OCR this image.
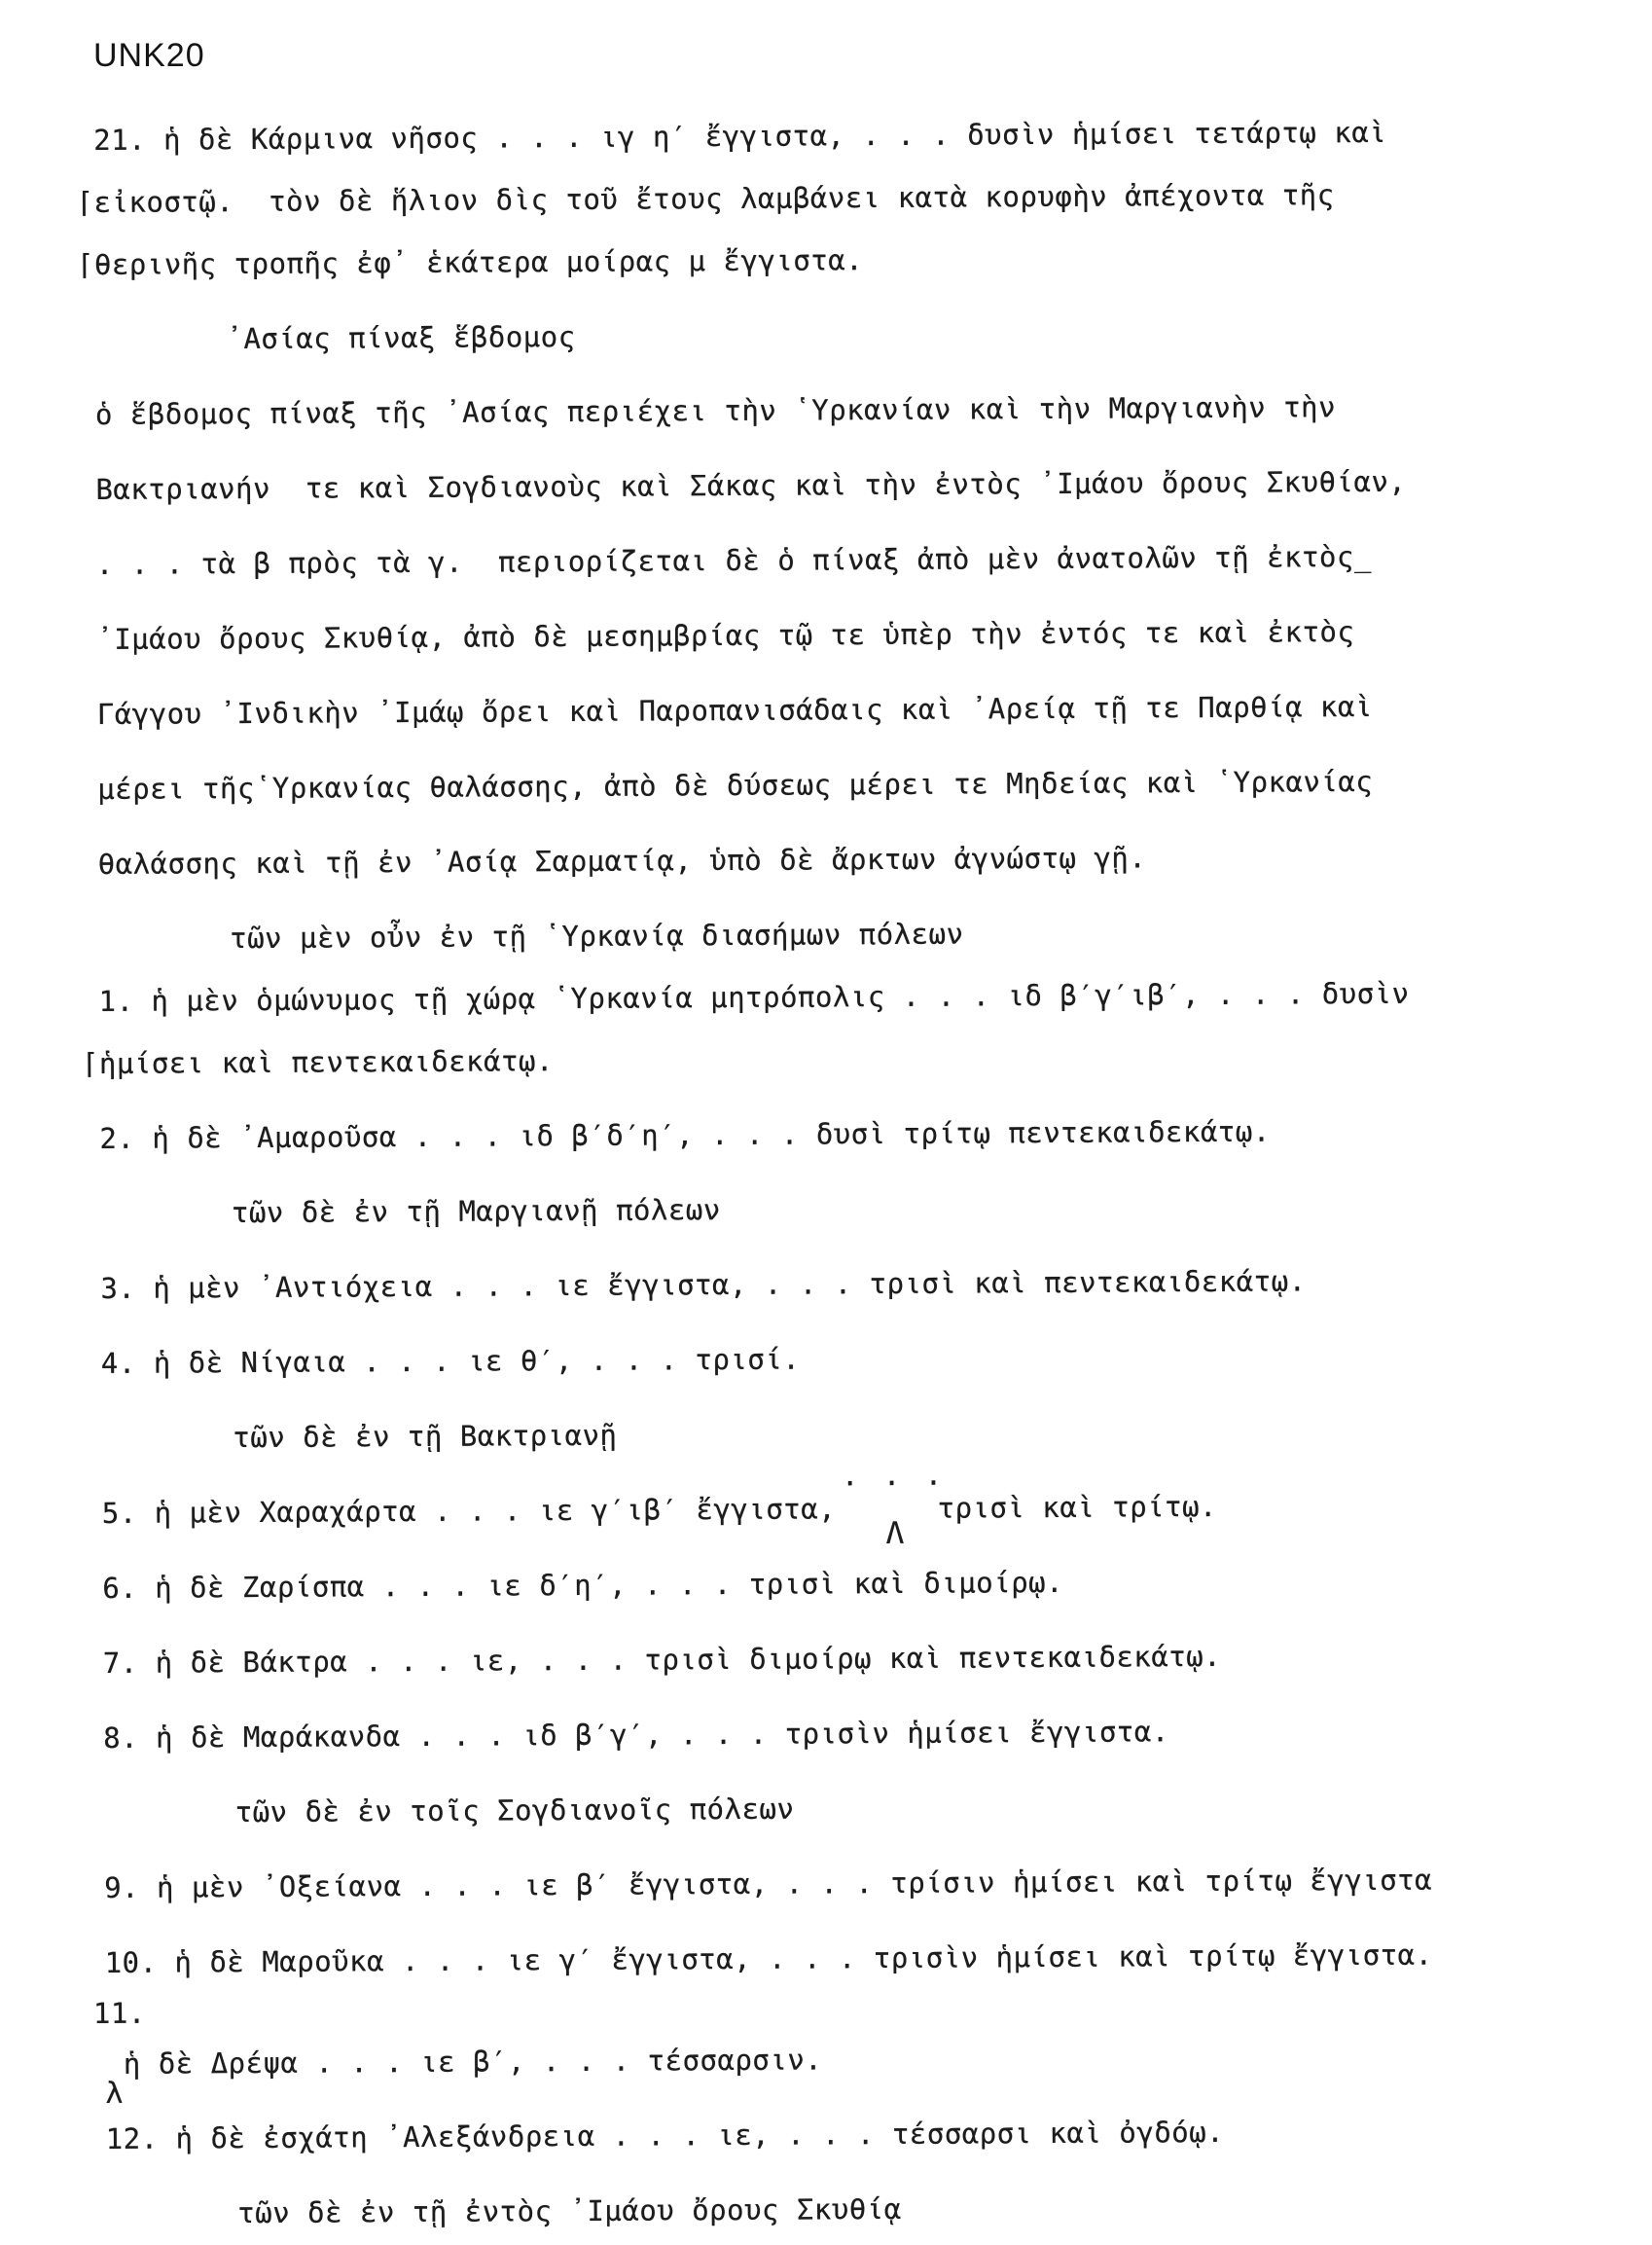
UNK20
21. ἡ δὲ Κάρμινα νῆσος . . . ιγ η′ ἔγγιστα, . . . δυσὶν ἡμίσει τετάρτῳ καὶ
⌈εἰκοστῷ.  τὸν δὲ ἥλιον δὶς τοῦ ἔτους λαμβάνει κατὰ κορυφὴν ἀπέχοντα τῆς
⌈θερινῆς τροπῆς ἐφ᾽ ἑκάτερα μοίρας μ ἔγγιστα.
᾽Ασίας πίναξ ἕβδομος
ὁ ἕβδομος πίναξ τῆς ᾽Ασίας περιέχει τὴν ῾Υρκανίαν καὶ τὴν Μαργιανὴν τὴν
Βακτριανήν  τε καὶ Σογδιανοὺς καὶ Σάκας καὶ τὴν ἐντὸς ᾽Ιμάου ὄρους Σκυθίαν,
. . . τὰ β πρὸς τὰ γ.  περιορίζεται δὲ ὁ πίναξ ἀπὸ μὲν ἀνατολῶν τῇ ἐκτὸς_
᾽Ιμάου ὄρους Σκυθίᾳ, ἀπὸ δὲ μεσημβρίας τῷ τε ὑπὲρ τὴν ἐντός τε καὶ ἐκτὸς
Γάγγου ᾽Ινδικὴν ᾽Ιμάῳ ὄρει καὶ Παροπανισάδαις καὶ ᾽Αρείᾳ τῇ τε Παρθίᾳ καὶ
μέρει τῆς῾Υρκανίας θαλάσσης, ἀπὸ δὲ δύσεως μέρει τε Μηδείας καὶ ῾Υρκανίας
θαλάσσης καὶ τῇ ἐν ᾽Ασίᾳ Σαρματίᾳ, ὑπὸ δὲ ἄρκτων ἀγνώστῳ γῇ.
τῶν μὲν οὖν ἐν τῇ ῾Υρκανίᾳ διασήμων πόλεων
1. ἡ μὲν ὁμώνυμος τῇ χώρᾳ ῾Υρκανία μητρόπολις . . . ιδ β′γ′ιβ′, . . . δυσὶν
⌈ἡμίσει καὶ πεντεκαιδεκάτῳ.
2. ἡ δὲ ᾽Αμαροῦσα . . . ιδ β′δ′η′, . . . δυσὶ τρίτῳ πεντεκαιδεκάτῳ.
τῶν δὲ ἐν τῇ Μαργιανῇ πόλεων
3. ἡ μὲν ᾽Αντιόχεια . . . ιε ἔγγιστα, . . . τρισὶ καὶ πεντεκαιδεκάτῳ.
4. ἡ δὲ Νίγαια . . . ιε θ′, . . . τρισί.
τῶν δὲ ἐν τῇ Βακτριανῇ
5. ἡ μὲν Χαραχάρτα . . . ιε γ′ιβ′ ἔγγιστα,. . .Λτρισὶ καὶ τρίτῳ.
6. ἡ δὲ Ζαρίσπα . . . ιε δ′η′, . . . τρισὶ καὶ διμοίρῳ.
7. ἡ δὲ Βάκτρα . . . ιε, . . . τρισὶ διμοίρῳ καὶ πεντεκαιδεκάτῳ.
8. ἡ δὲ Μαράκανδα . . . ιδ β′γ′, . . . τρισὶν ἡμίσει ἔγγιστα.
τῶν δὲ ἐν τοῖς Σογδιανοῖς πόλεων
9. ἡ μὲν ᾽Οξείανα . . . ιε β′ ἔγγιστα, . . . τρίσιν ἡμίσει καὶ τρίτῳ ἔγγιστα
10. ἡ δὲ Μαροῦκα . . . ιε γ′ ἔγγιστα, . . . τρισὶν ἡμίσει καὶ τρίτῳ ἔγγιστα.
11.
λἡ δὲ Δρέψα . . . ιε β′, . . . τέσσαρσιν.
12. ἡ δὲ ἐσχάτη ᾽Αλεξάνδρεια . . . ιε, . . . τέσσαρσι καὶ ὀγδόῳ.
τῶν δὲ ἐν τῇ ἐντὸς ᾽Ιμάου ὄρους Σκυθίᾳ
